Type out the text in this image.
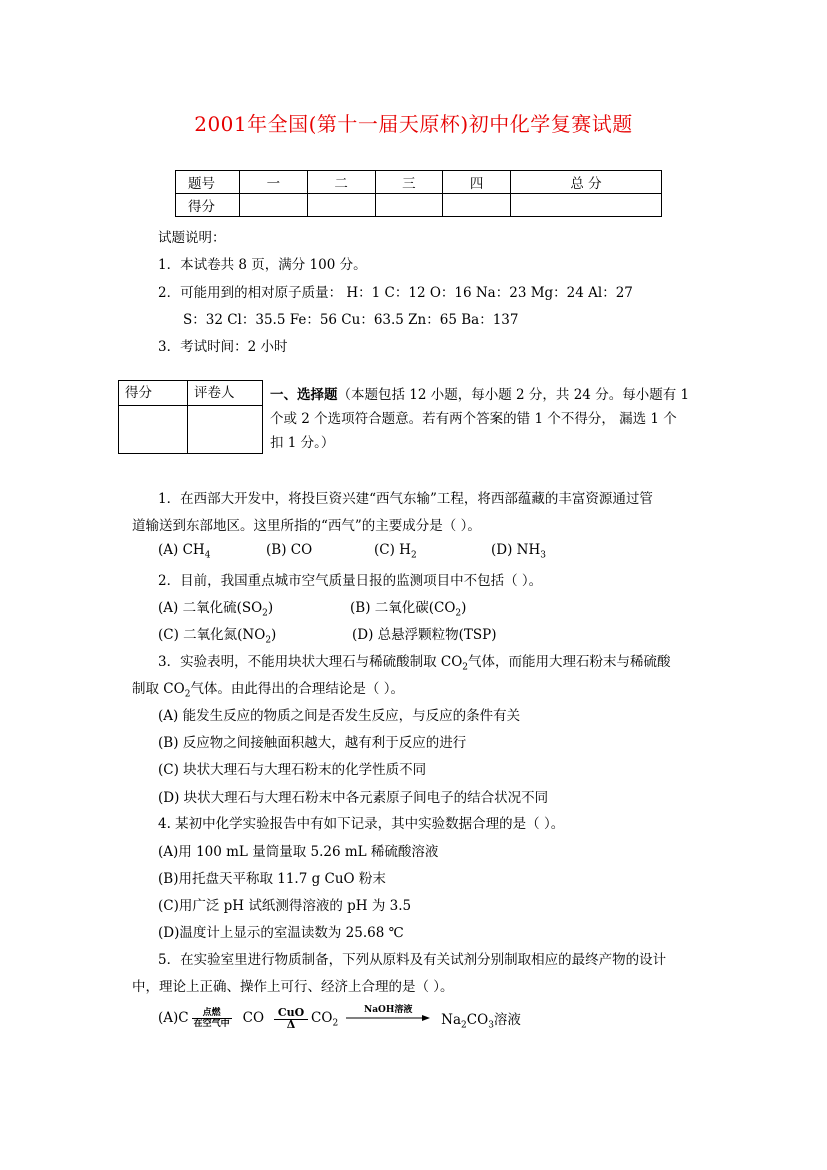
2001年全国(第十一届天原杯)初中化学复赛试题
题号	一	二	三	四	总 分
得分					
试题说明：
1．本试卷共 8 页，满分 100 分。
2．可能用到的相对原子质量： H：1 C：12 O：16 Na：23 Mg：24 Al：27
S：32 Cl：35.5 Fe：56 Cu：63.5 Zn：65 Ba：137
3．考试时间：2 小时
得分	评卷人
		一、选择题（本题包括 12 小题，每小题 2 分，共 24 分。每小题有 1
个或 2 个选项符合题意。若有两个答案的错 1 个不得分， 漏选 1 个
扣 1 分。）
1．在西部大开发中，将投巨资兴建“西气东输”工程，将西部蕴藏的丰富资源通过管
道输送到东部地区。这里所指的“西气”的主要成分是（ ）。
(A) $CH_4$	(B) CO	(C) $H_2$	(D) $NH_3$
2．目前，我国重点城市空气质量日报的监测项目中不包括（ ）。
(A) 二氧化硫$(SO_2)$	(B) 二氧化碳$(CO_2)$
(C) 二氧化氮$(NO_2)$	(D) 总悬浮颗粒物(TSP)
3．实验表明，不能用块状大理石与稀硫酸制取 $CO_2$气体，而能用大理石粉末与稀硫酸
制取 $CO_2$气体。由此得出的合理结论是（ ）。
(A) 能发生反应的物质之间是否发生反应，与反应的条件有关
(B) 反应物之间接触面积越大，越有利于反应的进行
(C) 块状大理石与大理石粉末的化学性质不同
(D) 块状大理石与大理石粉末中各元素原子间电子的结合状况不同
4. 某初中化学实验报告中有如下记录，其中实验数据合理的是（ ）。
(A)用 100 mL 量筒量取 5.26 mL 稀硫酸溶液
(B)用托盘天平称取 11.7 g CuO 粉末
(C)用广泛 pH 试纸测得溶液的 pH 为 3.5
(D)温度计上显示的室温读数为 25.68 ℃
5．在实验室里进行物质制备，下列从原料及有关试剂分别制取相应的最终产物的设计
中，理论上正确、操作上可行、经济上合理的是（ ）。
(A)C	点燃
在空气中 CO	CuO
Δ	$CO_2$
NaOH溶液

$Na_2CO_3$溶液
